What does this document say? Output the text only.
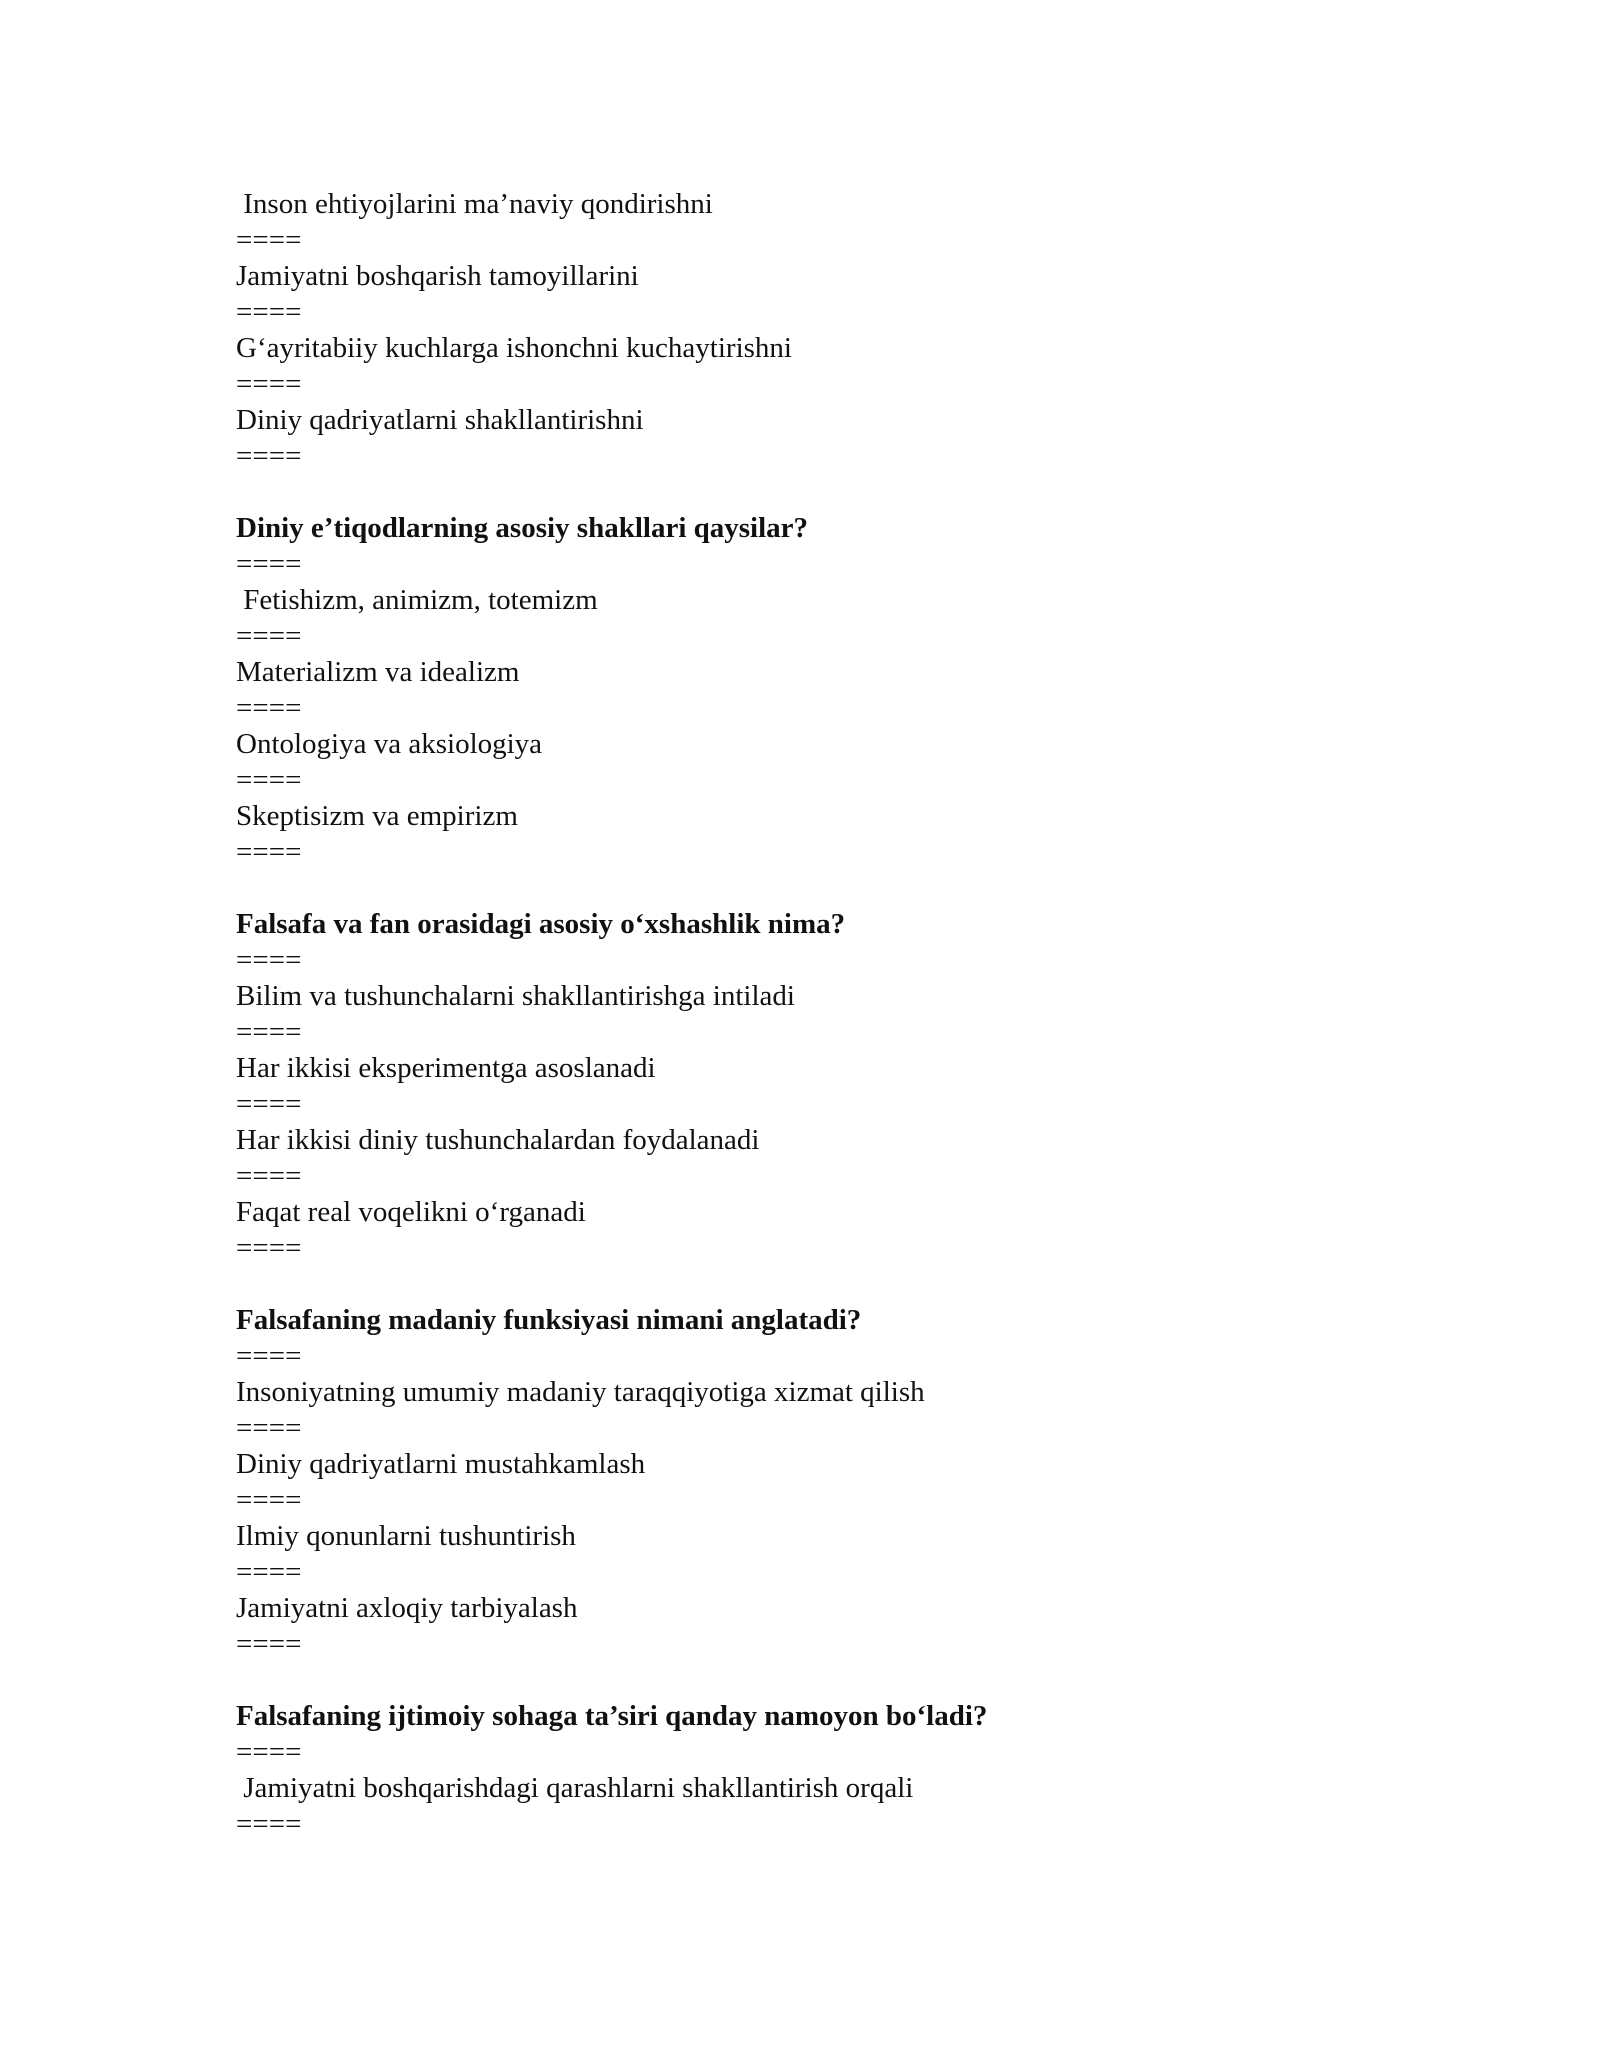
Inson ehtiyojlarini ma’naviy qondirishni
====
Jamiyatni boshqarish tamoyillarini
====
G‘ayritabiiy kuchlarga ishonchni kuchaytirishni
====
Diniy qadriyatlarni shakllantirishni
====
Diniy e’tiqodlarning asosiy shakllari qaysilar?
====
Fetishizm, animizm, totemizm
====
Materializm va idealizm
====
Ontologiya va aksiologiya
====
Skeptisizm va empirizm
====
Falsafa va fan orasidagi asosiy o‘xshashlik nima?
====
Bilim va tushunchalarni shakllantirishga intiladi
====
Har ikkisi eksperimentga asoslanadi
====
Har ikkisi diniy tushunchalardan foydalanadi
====
Faqat real voqelikni o‘rganadi
====
Falsafaning madaniy funksiyasi nimani anglatadi?
====
Insoniyatning umumiy madaniy taraqqiyotiga xizmat qilish
====
Diniy qadriyatlarni mustahkamlash
====
Ilmiy qonunlarni tushuntirish
====
Jamiyatni axloqiy tarbiyalash
====
Falsafaning ijtimoiy sohaga ta’siri qanday namoyon bo‘ladi?
====
Jamiyatni boshqarishdagi qarashlarni shakllantirish orqali
====
